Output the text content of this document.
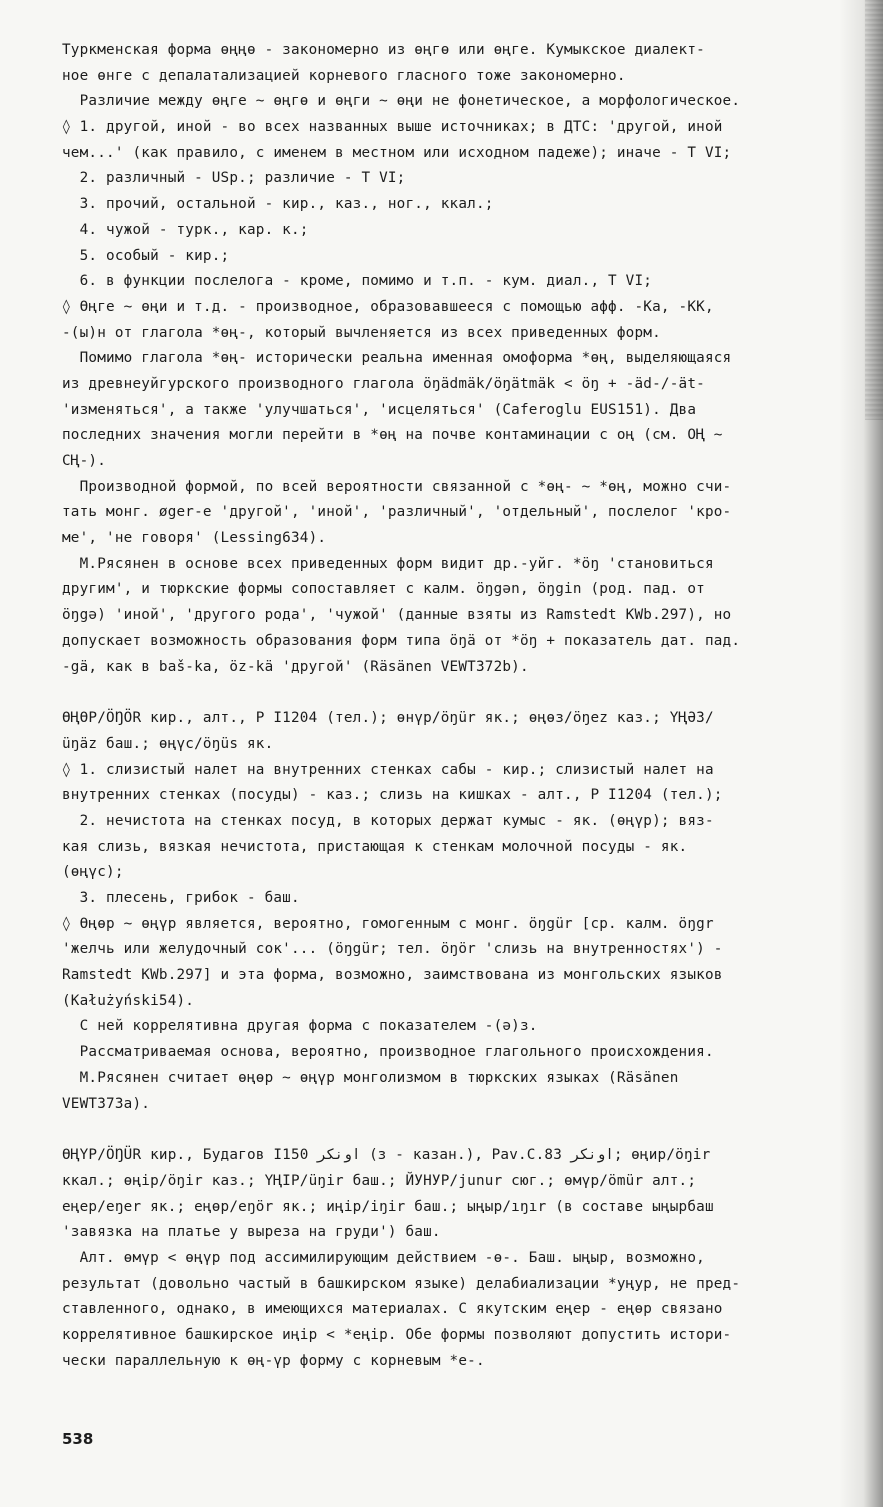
Туркменская форма өңңө - закономерно из өңгө или өңге. Кумыкское диалект-
ное өнге с депалатализацией корневого гласного тоже закономерно.
Различие между өңге ~ өңгө и өңги ~ өңи не фонетическое, а морфологическое.
◊ 1. другой, иной - во всех названных выше источниках; в ДТС: 'другой, иной
чем...' (как правило, с именем в местном или исходном падеже); иначе - Т VI;
2. различный - USp.; различие - Т VI;
3. прочий, остальной - кир., каз., ног., ккал.;
4. чужой - турк., кар. к.;
5. особый - кир.;
6. в функции послелога - кроме, помимо и т.п. - кум. диал., Т VI;
◊ Өңге ~ өңи и т.д. - производное, образовавшееся с помощью афф. -Ка, -КК,
-(ы)н от глагола *өң-, который вычленяется из всех приведенных форм.
Помимо глагола *өң- исторически реальна именная омоформа *өң, выделяющаяся
из древнеуйгурского производного глагола öŋädmäk/öŋätmäk < öŋ + -äd-/-ät-
'изменяться', а также 'улучшаться', 'исцеляться' (Caferoglu EUS151). Два
последних значения могли перейти в *өң на почве контаминации с оң (см. ОҢ ~
СҢ-).
Производной формой, по всей вероятности связанной с *өң- ~ *өң, можно счи-
тать монг. øger-e 'другой', 'иной', 'различный', 'отдельный', послелог 'кро-
ме', 'не говоря' (Lessing634).
М.Рясянен в основе всех приведенных форм видит др.-уйг. *öŋ 'становиться
другим', и тюркские формы сопоставляет с калм. öŋgǝn, öŋgin (род. пад. от
öŋgǝ) 'иной', 'другого рода', 'чужой' (данные взяты из Ramstedt KWb.297), но
допускает возможность образования форм типа öŋä от *öŋ + показатель дат. пад.
-gä, как в baš-ka, öz-kä 'другой' (Räsänen VEWT372b).
ӨҢӨР/ÖŊÖR кир., алт., Р I1204 (тел.); өнүр/öŋür як.; өңөз/öŋez каз.; ҮҢӘЗ/
üŋäz баш.; өңүс/öŋüs як.
◊ 1. слизистый налет на внутренних стенках сабы - кир.; слизистый налет на
внутренних стенках (посуды) - каз.; слизь на кишках - алт., Р I1204 (тел.);
2. нечистота на стенках посуд, в которых держат кумыс - як. (өңүр); вяз-
кая слизь, вязкая нечистота, пристающая к стенкам молочной посуды - як.
(өңүс);
3. плесень, грибок - баш.
◊ Өңөр ~ өңүр является, вероятно, гомогенным с монг. öŋgür [ср. калм. öŋgr
'желчь или желудочный сок'... (öŋgür; тел. öŋör 'слизь на внутренностях') -
Ramstedt KWb.297] и эта форма, возможно, заимствована из монгольских языков
(Kałużyński54).
С ней коррелятивна другая форма с показателем -(ә)з.
Рассматриваемая основа, вероятно, производное глагольного происхождения.
М.Рясянен считает өңөр ~ өңүр монголизмом в тюркских языках (Räsänen
VEWT373a).
ӨҢҮР/ÖŊÜR кир., Будагов I150 اونكر (з - казан.), Pav.C.83 اونكر; өңир/öŋir
ккал.; өңір/öŋir каз.; ҮҢІР/üŋir баш.; ЙУНУР/junur сюг.; өмүр/ömür алт.;
еңер/eŋer як.; еңөр/eŋör як.; иңір/iŋir баш.; ыңыр/ıŋır (в составе ыңырбаш
'завязка на платье у выреза на груди') баш.
Алт. өмүр < өңүр под ассимилирующим действием -ө-. Баш. ыңыр, возможно,
результат (довольно частый в башкирском языке) делабиализации *уңур, не пред-
ставленного, однако, в имеющихся материалах. С якутским еңер - еңөр связано
коррелятивное башкирское иңір < *еңір. Обе формы позволяют допустить истори-
чески параллельную к өң-үр форму с корневым *е-.
538
